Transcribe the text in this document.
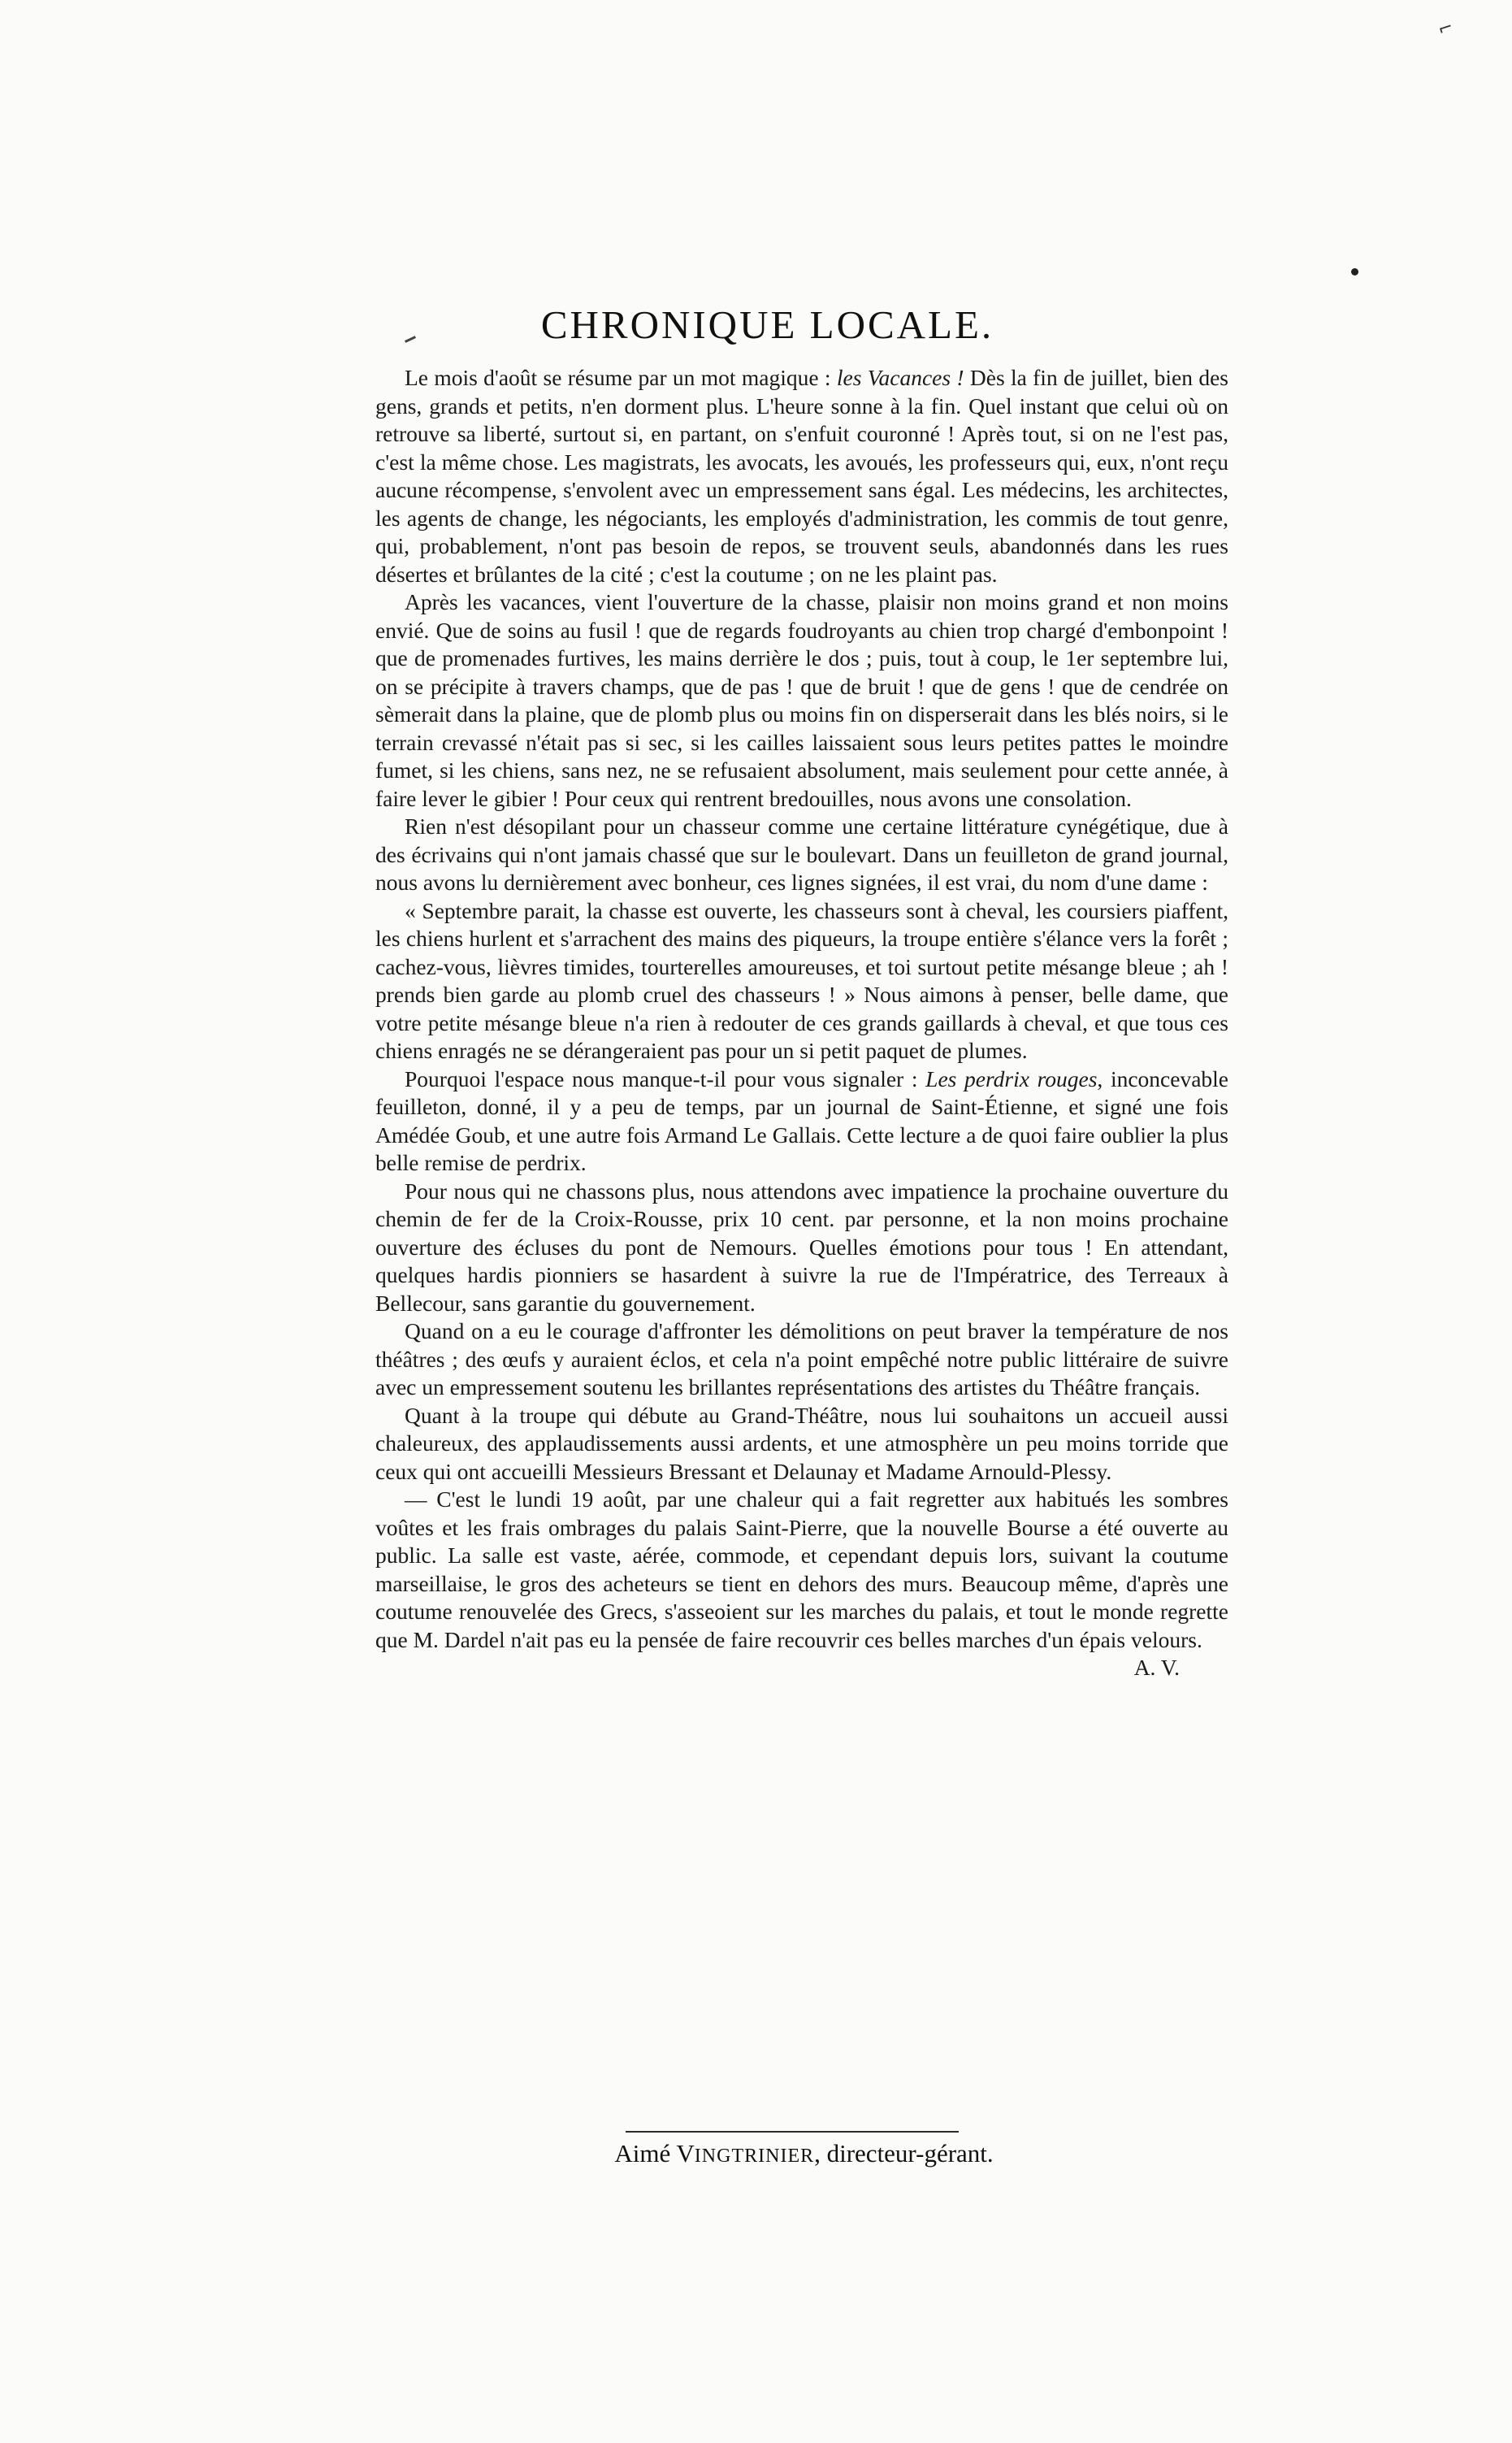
⌐
CHRONIQUE LOCALE.

Le mois d'août se résume par un mot magique : les Vacances ! Dès la fin de juillet, bien des gens, grands et petits, n'en dorment plus. L'heure sonne à la fin. Quel instant que celui où on retrouve sa liberté, surtout si, en partant, on s'enfuit couronné ! Après tout, si on ne l'est pas, c'est la même chose. Les magistrats, les avocats, les avoués, les professeurs qui, eux, n'ont reçu aucune récompense, s'envolent avec un empressement sans égal. Les médecins, les architectes, les agents de change, les négociants, les employés d'administration, les commis de tout genre, qui, probablement, n'ont pas besoin de repos, se trouvent seuls, abandonnés dans les rues désertes et brûlantes de la cité ; c'est la coutume ; on ne les plaint pas.

Après les vacances, vient l'ouverture de la chasse, plaisir non moins grand et non moins envié. Que de soins au fusil ! que de regards foudroyants au chien trop chargé d'embonpoint ! que de promenades furtives, les mains derrière le dos ; puis, tout à coup, le 1er septembre lui, on se précipite à travers champs, que de pas ! que de bruit ! que de gens ! que de cendrée on sèmerait dans la plaine, que de plomb plus ou moins fin on disperserait dans les blés noirs, si le terrain crevassé n'était pas si sec, si les cailles laissaient sous leurs petites pattes le moindre fumet, si les chiens, sans nez, ne se refusaient absolument, mais seulement pour cette année, à faire lever le gibier ! Pour ceux qui rentrent bredouilles, nous avons une consolation.

Rien n'est désopilant pour un chasseur comme une certaine littérature cynégétique, due à des écrivains qui n'ont jamais chassé que sur le boulevart. Dans un feuilleton de grand journal, nous avons lu dernièrement avec bonheur, ces lignes signées, il est vrai, du nom d'une dame :

« Septembre parait, la chasse est ouverte, les chasseurs sont à cheval, les coursiers piaffent, les chiens hurlent et s'arrachent des mains des piqueurs, la troupe entière s'élance vers la forêt ; cachez-vous, lièvres timides, tourterelles amoureuses, et toi surtout petite mésange bleue ; ah ! prends bien garde au plomb cruel des chasseurs ! » Nous aimons à penser, belle dame, que votre petite mésange bleue n'a rien à redouter de ces grands gaillards à cheval, et que tous ces chiens enragés ne se dérangeraient pas pour un si petit paquet de plumes.

Pourquoi l'espace nous manque-t-il pour vous signaler : Les perdrix rouges, inconcevable feuilleton, donné, il y a peu de temps, par un journal de Saint-Étienne, et signé une fois Amédée Goub, et une autre fois Armand Le Gallais. Cette lecture a de quoi faire oublier la plus belle remise de perdrix.

Pour nous qui ne chassons plus, nous attendons avec impatience la prochaine ouverture du chemin de fer de la Croix-Rousse, prix 10 cent. par personne, et la non moins prochaine ouverture des écluses du pont de Nemours. Quelles émotions pour tous ! En attendant, quelques hardis pionniers se hasardent à suivre la rue de l'Impératrice, des Terreaux à Bellecour, sans garantie du gouvernement.

Quand on a eu le courage d'affronter les démolitions on peut braver la température de nos théâtres ; des œufs y auraient éclos, et cela n'a point empêché notre public littéraire de suivre avec un empressement soutenu les brillantes représentations des artistes du Théâtre français.

Quant à la troupe qui débute au Grand-Théâtre, nous lui souhaitons un accueil aussi chaleureux, des applaudissements aussi ardents, et une atmosphère un peu moins torride que ceux qui ont accueilli Messieurs Bressant et Delaunay et Madame Arnould-Plessy.

— C'est le lundi 19 août, par une chaleur qui a fait regretter aux habitués les sombres voûtes et les frais ombrages du palais Saint-Pierre, que la nouvelle Bourse a été ouverte au public. La salle est vaste, aérée, commode, et cependant depuis lors, suivant la coutume marseillaise, le gros des acheteurs se tient en dehors des murs. Beaucoup même, d'après une coutume renouvelée des Grecs, s'asseoient sur les marches du palais, et tout le monde regrette que M. Dardel n'ait pas eu la pensée de faire recouvrir ces belles marches d'un épais velours.
A. V.

Aimé VINGTRINIER, directeur-gérant.
